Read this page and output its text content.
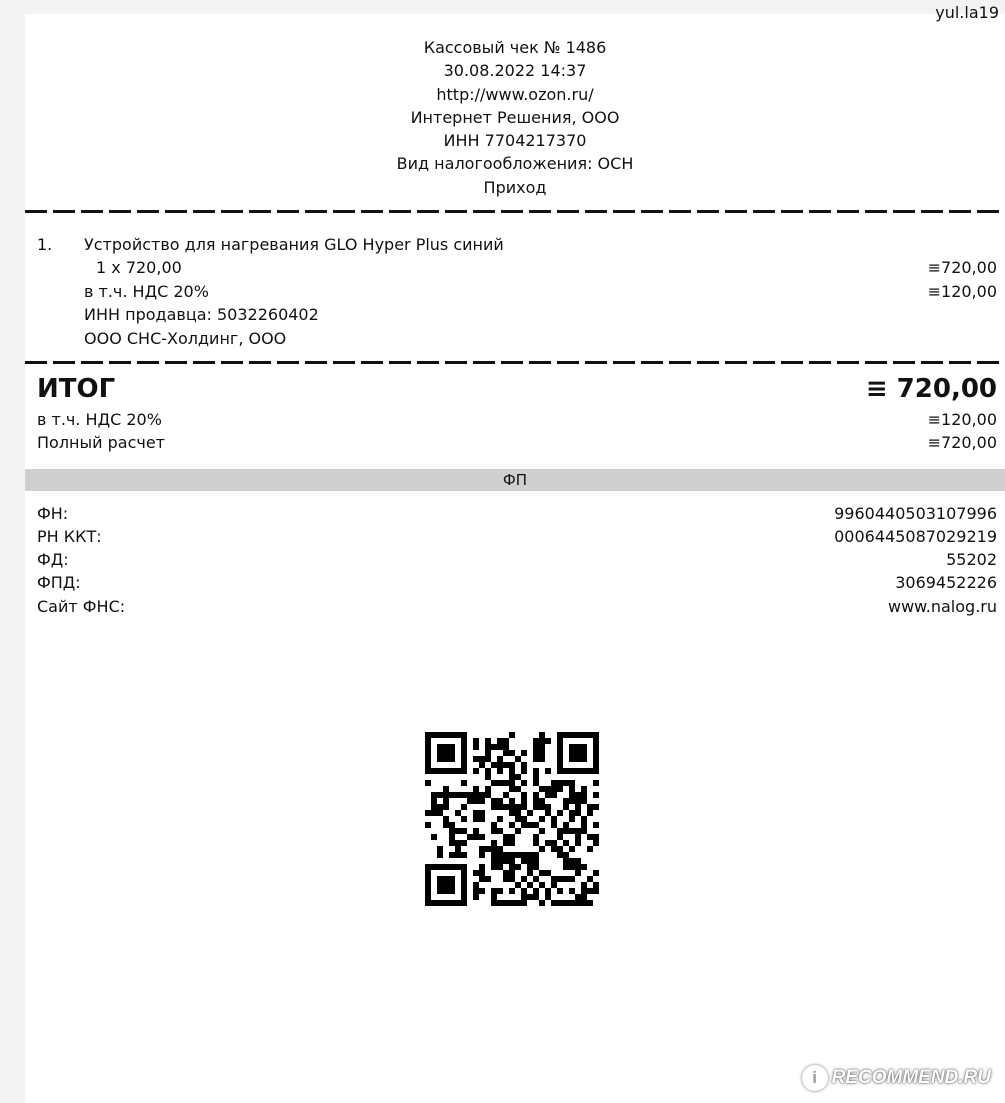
yul.la19
Кассовый чек № 1486
30.08.2022 14:37
http://www.ozon.ru/
Интернет Решения, ООО
ИНН 7704217370
Вид налогообложения: ОСН
Приход
1. Устройство для нагревания GLO Hyper Plus синий
1 x 720,00	≡720,00
в т.ч. НДС 20%	≡120,00
ИНН продавца: 5032260402
ООО СНС-Холдинг, ООО
ИТОГ	≡ 720,00
в т.ч. НДС 20%	≡120,00
Полный расчет	≡720,00
ФП
ФН:	9960440503107996
РН ККТ:	0006445087029219
ФД:	55202
ФПД:	3069452226
Сайт ФНС:	www.nalog.ru
i RECOMMEND.RU
